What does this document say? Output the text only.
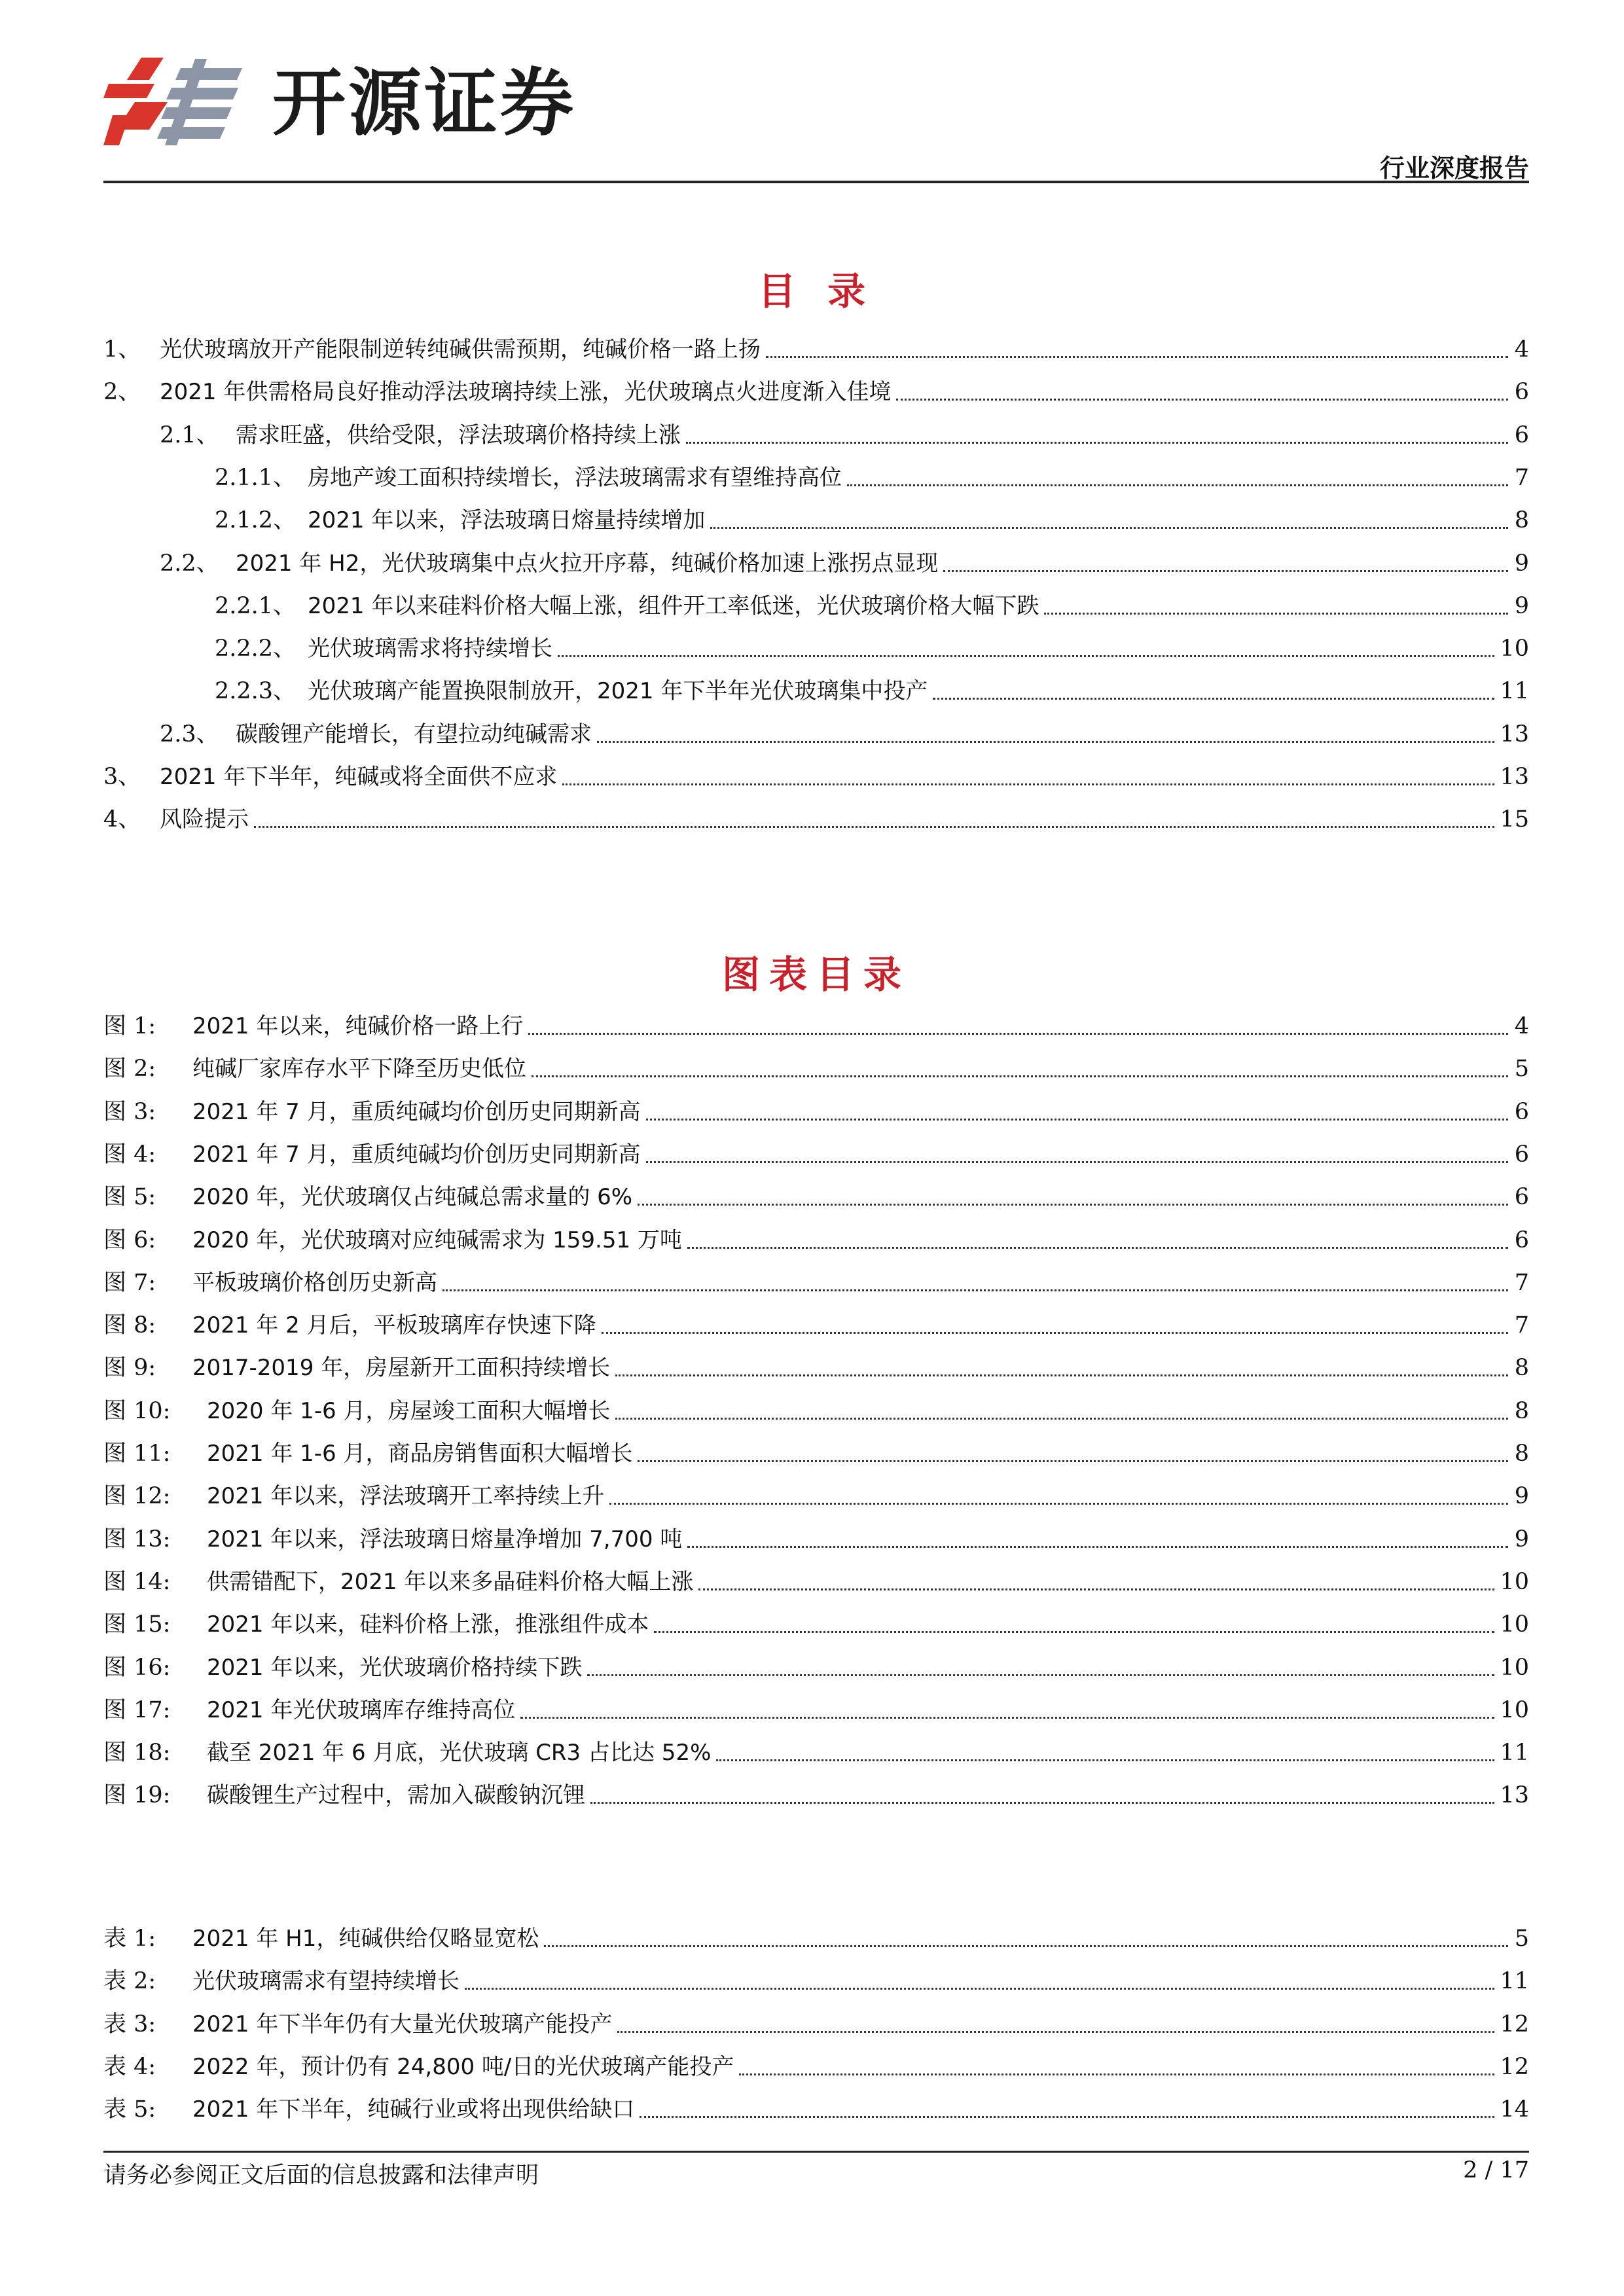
开源证券
行业深度报告
目 录
1、 光伏玻璃放开产能限制逆转纯碱供需预期，纯碱价格一路上扬	4
2、 2021 年供需格局良好推动浮法玻璃持续上涨，光伏玻璃点火进度渐入佳境	6
2.1、 需求旺盛，供给受限，浮法玻璃价格持续上涨	6
2.1.1、 房地产竣工面积持续增长，浮法玻璃需求有望维持高位	7
2.1.2、 2021 年以来，浮法玻璃日熔量持续增加	8
2.2、 2021 年 H2，光伏玻璃集中点火拉开序幕，纯碱价格加速上涨拐点显现	9
2.2.1、 2021 年以来硅料价格大幅上涨，组件开工率低迷，光伏玻璃价格大幅下跌	9
2.2.2、 光伏玻璃需求将持续增长	10
2.2.3、 光伏玻璃产能置换限制放开，2021 年下半年光伏玻璃集中投产	11
2.3、 碳酸锂产能增长，有望拉动纯碱需求	13
3、 2021 年下半年，纯碱或将全面供不应求	13
4、 风险提示	15
图表目录
图 1:	2021 年以来，纯碱价格一路上行	4
图 2:	纯碱厂家库存水平下降至历史低位	5
图 3:	2021 年 7 月，重质纯碱均价创历史同期新高	6
图 4:	2021 年 7 月，重质纯碱均价创历史同期新高	6
图 5:	2020 年，光伏玻璃仅占纯碱总需求量的 6%	6
图 6:	2020 年，光伏玻璃对应纯碱需求为 159.51 万吨	6
图 7:	平板玻璃价格创历史新高	7
图 8:	2021 年 2 月后，平板玻璃库存快速下降	7
图 9:	2017-2019 年，房屋新开工面积持续增长	8
图 10:	2020 年 1-6 月，房屋竣工面积大幅增长	8
图 11:	2021 年 1-6 月，商品房销售面积大幅增长	8
图 12:	2021 年以来，浮法玻璃开工率持续上升	9
图 13:	2021 年以来，浮法玻璃日熔量净增加 7,700 吨	9
图 14:	供需错配下，2021 年以来多晶硅料价格大幅上涨	10
图 15:	2021 年以来，硅料价格上涨，推涨组件成本	10
图 16:	2021 年以来，光伏玻璃价格持续下跌	10
图 17:	2021 年光伏玻璃库存维持高位	10
图 18:	截至 2021 年 6 月底，光伏玻璃 CR3 占比达 52%	11
图 19:	碳酸锂生产过程中，需加入碳酸钠沉锂	13
表 1:	2021 年 H1，纯碱供给仅略显宽松	5
表 2:	光伏玻璃需求有望持续增长	11
表 3:	2021 年下半年仍有大量光伏玻璃产能投产	12
表 4:	2022 年，预计仍有 24,800 吨/日的光伏玻璃产能投产	12
表 5:	2021 年下半年，纯碱行业或将出现供给缺口	14
请务必参阅正文后面的信息披露和法律声明	2 / 17
